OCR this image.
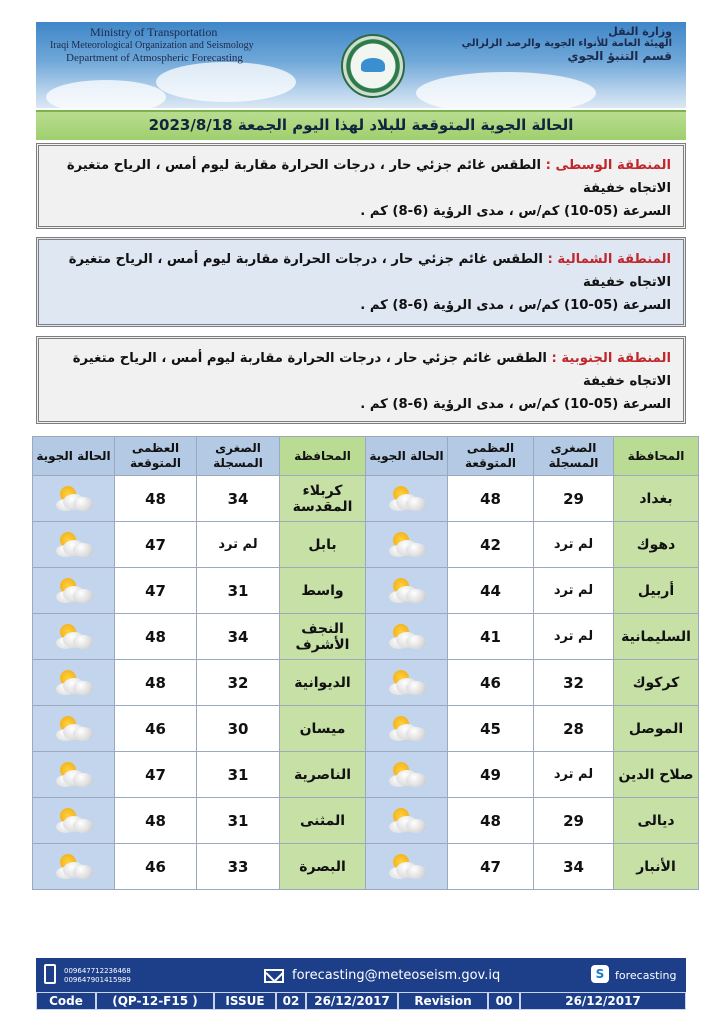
Ministry of Transportation
Iraqi Meteorological Organization and Seismology
Department of Atmospheric Forecasting
وزارة النقل
الهيئة العامة للأنواء الجوية والرصد الزلزالي
قسم التنبؤ الجوي
الحالة الجوية المتوقعة للبلاد لهذا اليوم الجمعة 2023/8/18
المنطقة الوسطى : الطقس غائم جزئي حار ، درجات الحرارة مقاربة ليوم أمس ، الرياح متغيرة الاتجاه خفيفة
السرعة (05-10) كم/س ، مدى الرؤية (6-8) كم .
المنطقة الشمالية : الطقس غائم جزئي حار ، درجات الحرارة مقاربة ليوم أمس ، الرياح متغيرة الاتجاه خفيفة
السرعة (05-10) كم/س ، مدى الرؤية (6-8) كم .
المنطقة الجنوبية : الطقس غائم جزئي حار ، درجات الحرارة مقاربة ليوم أمس ، الرياح متغيرة الاتجاه خفيفة
السرعة (05-10) كم/س ، مدى الرؤية (6-8) كم .
المحافظة	الصغرى المسجلة	العظمى المتوقعة	الحالة الجوية	المحافظة	الصغرى المسجلة	العظمى المتوقعة	الحالة الجوية
بغداد	29	48		كربلاء المقدسة	34	48	

دهوك	لم ترد	42		بابل	لم ترد	47	

أربيل	لم ترد	44		واسط	31	47	

السليمانية	لم ترد	41		النجف الأشرف	34	48	

كركوك	32	46		الديوانية	32	48	

الموصل	28	45		ميسان	30	46	

صلاح الدين	لم ترد	49		الناصرية	31	47	

ديالى	29	48		المثنى	31	48	

الأنبار	34	47		البصرة	33	46	
009647712236468
009647901415989	forecasting@meteoseism.gov.iq	S forecasting
Code	(QP-12-F15 )	ISSUE	02	26/12/2017	Revision	00	26/12/2017
